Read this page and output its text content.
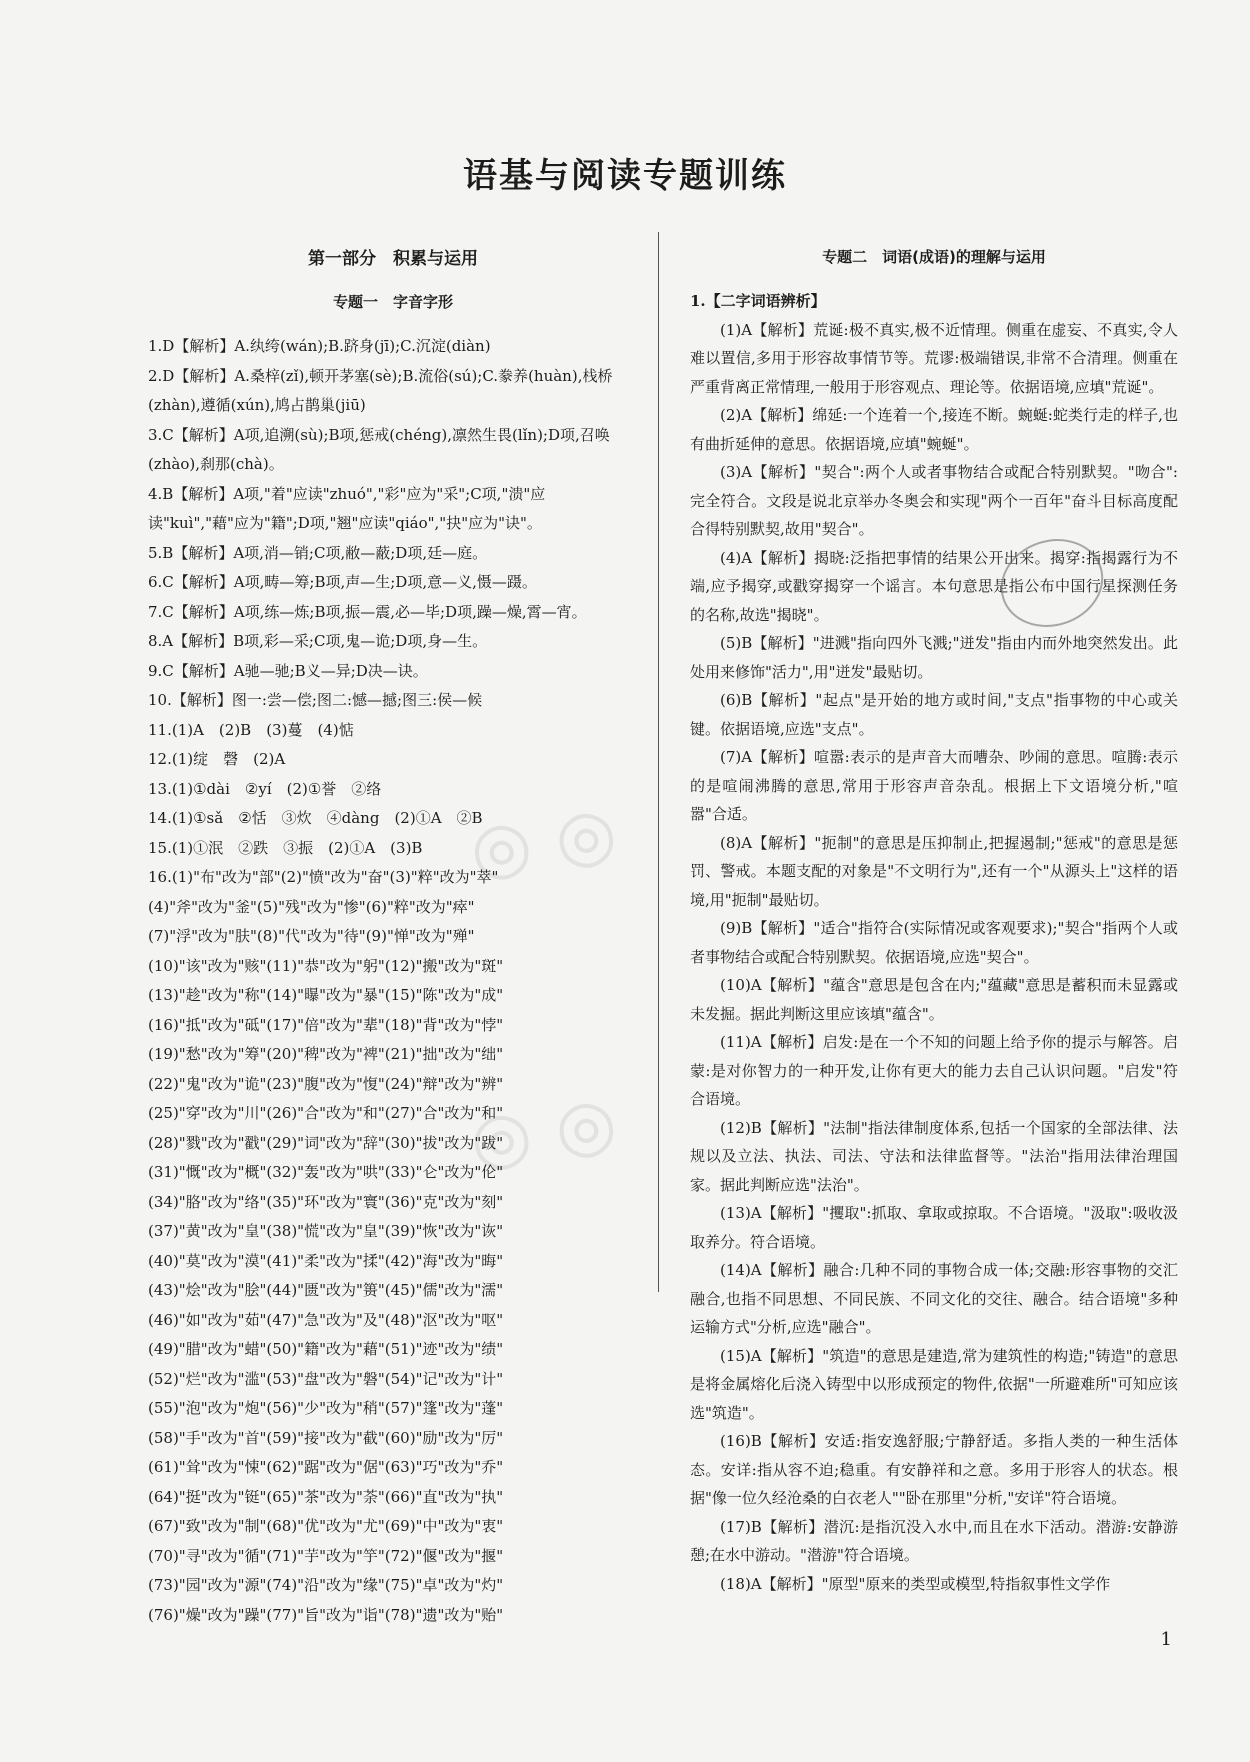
◎ ◎
◎ ◎
语基与阅读专题训练
第一部分　积累与运用
专题一　字音字形
1.D【解析】A.纨绔(wán);B.跻身(jī);C.沉淀(diàn)
2.D【解析】A.桑梓(zǐ),顿开茅塞(sè);B.流俗(sú);C.豢养(huàn),栈桥(zhàn),遵循(xún),鸠占鹊巢(jiū)
3.C【解析】A项,追溯(sù);B项,惩戒(chéng),凛然生畏(lǐn);D项,召唤(zhào),刹那(chà)。
4.B【解析】A项,"着"应读"zhuó","彩"应为"采";C项,"溃"应读"kuì","藉"应为"籍";D项,"翘"应读"qiáo","抉"应为"诀"。
5.B【解析】A项,消—销;C项,敝—蔽;D项,廷—庭。
6.C【解析】A项,畴—筹;B项,声—生;D项,意—义,慑—蹑。
7.C【解析】A项,练—炼;B项,振—震,必—毕;D项,躁—燥,霄—宵。
8.A【解析】B项,彩—采;C项,鬼—诡;D项,身—生。
9.C【解析】A驰—驰;B义—异;D决—诀。
10.【解析】图一:尝—偿;图二:憾—撼;图三:侯—候
11.(1)A　(2)B　(3)蔓　(4)惦
12.(1)绽　磬　(2)A
13.(1)①dài　②yí　(2)①誉　②络
14.(1)①sǎ　②恬　③炊　④dàng　(2)①A　②B
15.(1)①泯　②跌　③振　(2)①A　(3)B
16.(1)"布"改为"部"(2)"愤"改为"奋"(3)"粹"改为"萃"
(4)"斧"改为"釜"(5)"残"改为"惨"(6)"粹"改为"瘁"
(7)"浮"改为"肤"(8)"代"改为"待"(9)"惮"改为"殚"
(10)"该"改为"赅"(11)"恭"改为"躬"(12)"搬"改为"斑"
(13)"趁"改为"称"(14)"曝"改为"暴"(15)"陈"改为"成"
(16)"抵"改为"砥"(17)"倍"改为"辈"(18)"背"改为"悖"
(19)"愁"改为"筹"(20)"稗"改为"裨"(21)"拙"改为"绌"
(22)"鬼"改为"诡"(23)"腹"改为"愎"(24)"辩"改为"辨"
(25)"穿"改为"川"(26)"合"改为"和"(27)"合"改为"和"
(28)"戮"改为"戳"(29)"词"改为"辞"(30)"拔"改为"跋"
(31)"慨"改为"概"(32)"轰"改为"哄"(33)"仑"改为"伦"
(34)"胳"改为"络"(35)"环"改为"寰"(36)"克"改为"刻"
(37)"黄"改为"皇"(38)"慌"改为"皇"(39)"恢"改为"诙"
(40)"莫"改为"漠"(41)"柔"改为"揉"(42)"海"改为"晦"
(43)"烩"改为"脍"(44)"匮"改为"篑"(45)"儒"改为"濡"
(46)"如"改为"茹"(47)"急"改为"及"(48)"沤"改为"呕"
(49)"腊"改为"蜡"(50)"籍"改为"藉"(51)"迹"改为"绩"
(52)"烂"改为"滥"(53)"盘"改为"磐"(54)"记"改为"计"
(55)"泡"改为"炮"(56)"少"改为"稍"(57)"篷"改为"蓬"
(58)"手"改为"首"(59)"接"改为"截"(60)"励"改为"厉"
(61)"耸"改为"悚"(62)"踞"改为"倨"(63)"巧"改为"乔"
(64)"挺"改为"铤"(65)"茶"改为"荼"(66)"直"改为"执"
(67)"致"改为"制"(68)"优"改为"尤"(69)"中"改为"衷"
(70)"寻"改为"循"(71)"芋"改为"竽"(72)"偃"改为"揠"
(73)"园"改为"源"(74)"沿"改为"缘"(75)"卓"改为"灼"
(76)"燥"改为"躁"(77)"旨"改为"诣"(78)"遗"改为"贻"
专题二　词语(成语)的理解与运用
1.【二字词语辨析】
(1)A【解析】荒诞:极不真实,极不近情理。侧重在虚妄、不真实,令人难以置信,多用于形容故事情节等。荒谬:极端错误,非常不合清理。侧重在严重背离正常情理,一般用于形容观点、理论等。依据语境,应填"荒诞"。
(2)A【解析】绵延:一个连着一个,接连不断。蜿蜒:蛇类行走的样子,也有曲折延伸的意思。依据语境,应填"蜿蜒"。
(3)A【解析】"契合":两个人或者事物结合或配合特别默契。"吻合":完全符合。文段是说北京举办冬奥会和实现"两个一百年"奋斗目标高度配合得特别默契,故用"契合"。
(4)A【解析】揭晓:泛指把事情的结果公开出来。揭穿:指揭露行为不端,应予揭穿,或戳穿揭穿一个谣言。本句意思是指公布中国行星探测任务的名称,故选"揭晓"。
(5)B【解析】"进溅"指向四外飞溅;"迸发"指由内而外地突然发出。此处用来修饰"活力",用"迸发"最贴切。
(6)B【解析】"起点"是开始的地方或时间,"支点"指事物的中心或关键。依据语境,应选"支点"。
(7)A【解析】喧嚣:表示的是声音大而嘈杂、吵闹的意思。喧腾:表示的是喧闹沸腾的意思,常用于形容声音杂乱。根据上下文语境分析,"喧嚣"合适。
(8)A【解析】"扼制"的意思是压抑制止,把握遏制;"惩戒"的意思是惩罚、警戒。本题支配的对象是"不文明行为",还有一个"从源头上"这样的语境,用"扼制"最贴切。
(9)B【解析】"适合"指符合(实际情况或客观要求);"契合"指两个人或者事物结合或配合特别默契。依据语境,应选"契合"。
(10)A【解析】"蕴含"意思是包含在内;"蕴藏"意思是蓄积而未显露或未发掘。据此判断这里应该填"蕴含"。
(11)A【解析】启发:是在一个不知的问题上给予你的提示与解答。启蒙:是对你智力的一种开发,让你有更大的能力去自己认识问题。"启发"符合语境。
(12)B【解析】"法制"指法律制度体系,包括一个国家的全部法律、法规以及立法、执法、司法、守法和法律监督等。"法治"指用法律治理国家。据此判断应选"法治"。
(13)A【解析】"攫取":抓取、拿取或掠取。不合语境。"汲取":吸收汲取养分。符合语境。
(14)A【解析】融合:几种不同的事物合成一体;交融:形容事物的交汇融合,也指不同思想、不同民族、不同文化的交往、融合。结合语境"多种运输方式"分析,应选"融合"。
(15)A【解析】"筑造"的意思是建造,常为建筑性的构造;"铸造"的意思是将金属熔化后浇入铸型中以形成预定的物件,依据"一所避难所"可知应该选"筑造"。
(16)B【解析】安适:指安逸舒服;宁静舒适。多指人类的一种生活体态。安详:指从容不迫;稳重。有安静祥和之意。多用于形容人的状态。根据"像一位久经沧桑的白衣老人""卧在那里"分析,"安详"符合语境。
(17)B【解析】潜沉:是指沉没入水中,而且在水下活动。潜游:安静游憩;在水中游动。"潜游"符合语境。
(18)A【解析】"原型"原来的类型或模型,特指叙事性文学作
1
